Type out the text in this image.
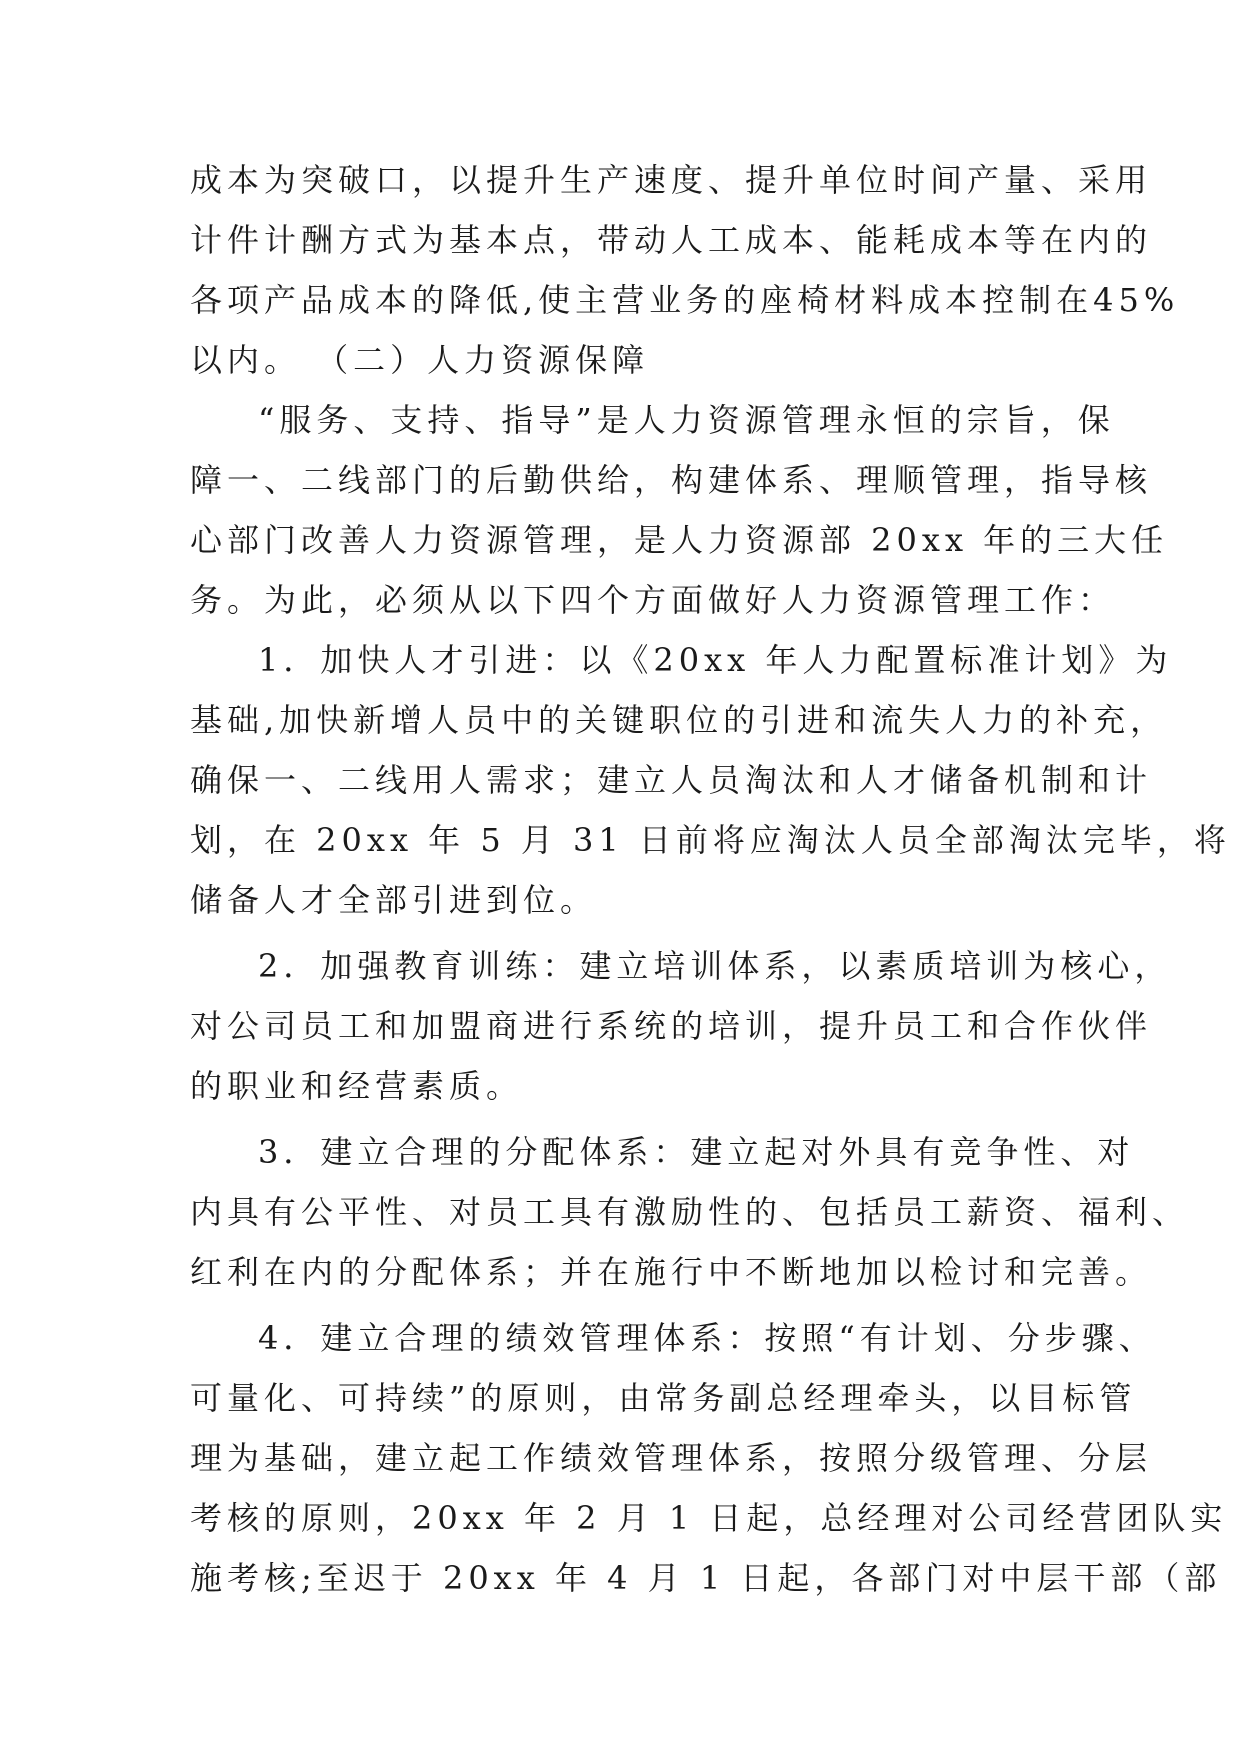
成本为突破口，以提升生产速度、提升单位时间产量、采用
计件计酬方式为基本点，带动人工成本、能耗成本等在内的
各项产品成本的降低,使主营业务的座椅材料成本控制在45%
以内。 （二）人力资源保障
“服务、支持、指导”是人力资源管理永恒的宗旨，保
障一、二线部门的后勤供给，构建体系、理顺管理，指导核
心部门改善人力资源管理，是人力资源部 20xx 年的三大任
务。为此，必须从以下四个方面做好人力资源管理工作：
1．加快人才引进：以《20xx 年人力配置标准计划》为
基础,加快新增人员中的关键职位的引进和流失人力的补充，
确保一、二线用人需求；建立人员淘汰和人才储备机制和计
划，在 20xx 年 5 月 31 日前将应淘汰人员全部淘汰完毕，将
储备人才全部引进到位。
2．加强教育训练：建立培训体系，以素质培训为核心，
对公司员工和加盟商进行系统的培训，提升员工和合作伙伴
的职业和经营素质。
3．建立合理的分配体系：建立起对外具有竞争性、对
内具有公平性、对员工具有激励性的、包括员工薪资、福利、
红利在内的分配体系；并在施行中不断地加以检讨和完善。
4．建立合理的绩效管理体系：按照“有计划、分步骤、
可量化、可持续”的原则，由常务副总经理牵头，以目标管
理为基础，建立起工作绩效管理体系，按照分级管理、分层
考核的原则，20xx 年 2 月 1 日起，总经理对公司经营团队实
施考核;至迟于 20xx 年 4 月 1 日起，各部门对中层干部（部
